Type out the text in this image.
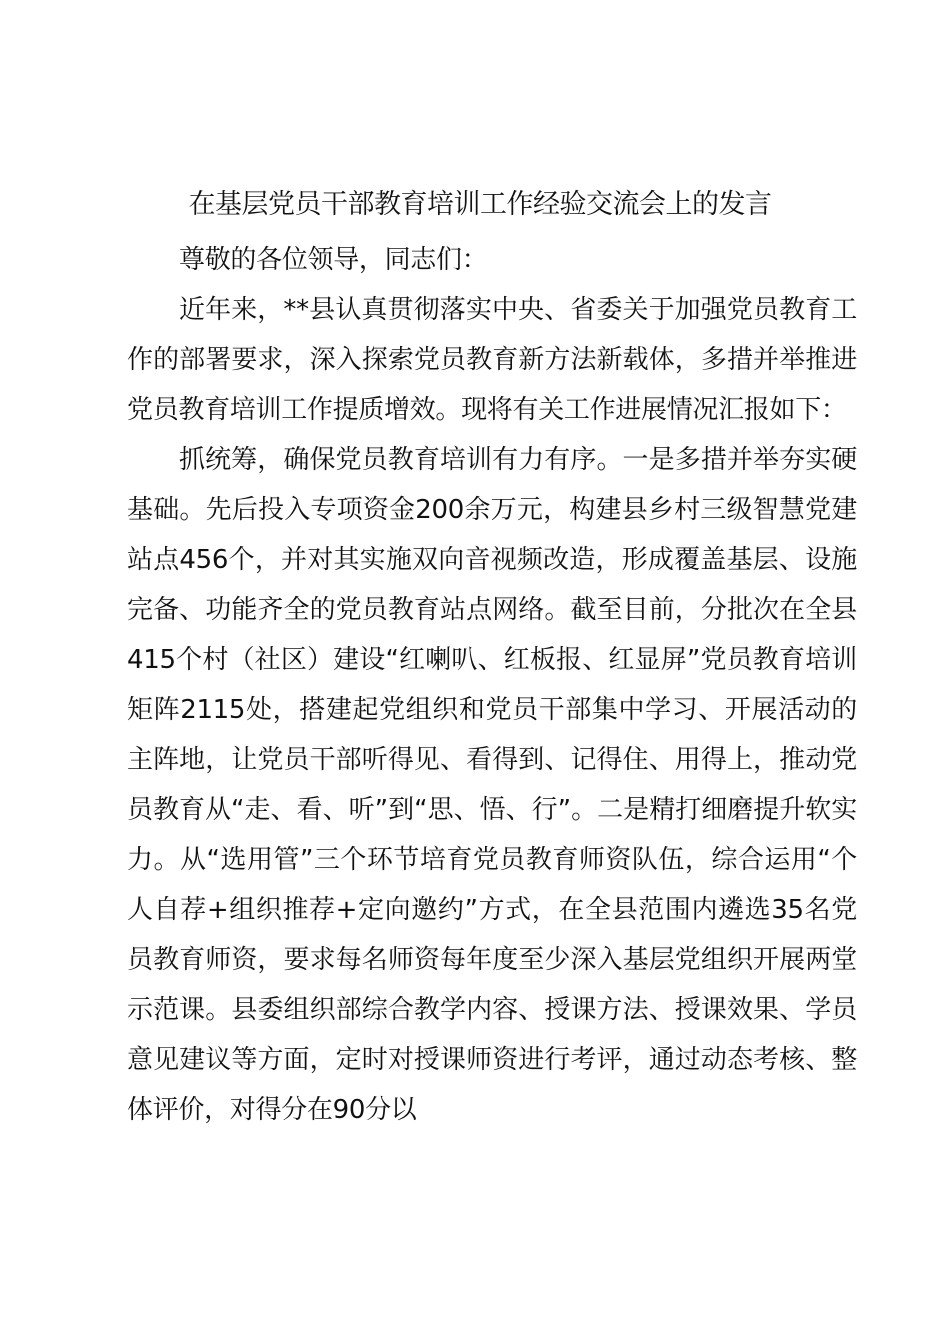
在基层党员干部教育培训工作经验交流会上的发言

尊敬的各位领导，同志们：

近年来，**县认真贯彻落实中央、省委关于加强党员教育工作的部署要求，深入探索党员教育新方法新载体，多措并举推进党员教育培训工作提质增效。现将有关工作进展情况汇报如下：

抓统筹，确保党员教育培训有力有序。一是多措并举夯实硬基础。先后投入专项资金200余万元，构建县乡村三级智慧党建站点456个，并对其实施双向音视频改造，形成覆盖基层、设施完备、功能齐全的党员教育站点网络。截至目前，分批次在全县415个村（社区）建设“红喇叭、红板报、红显屏”党员教育培训矩阵2115处，搭建起党组织和党员干部集中学习、开展活动的主阵地，让党员干部听得见、看得到、记得住、用得上，推动党员教育从“走、看、听”到“思、悟、行”。二是精打细磨提升软实力。从“选用管”三个环节培育党员教育师资队伍，综合运用“个人自荐+组织推荐+定向邀约”方式，在全县范围内遴选35名党员教育师资，要求每名师资每年度至少深入基层党组织开展两堂示范课。县委组织部综合教学内容、授课方法、授课效果、学员意见建议等方面，定时对授课师资进行考评，通过动态考核、整体评价，对得分在90分以
